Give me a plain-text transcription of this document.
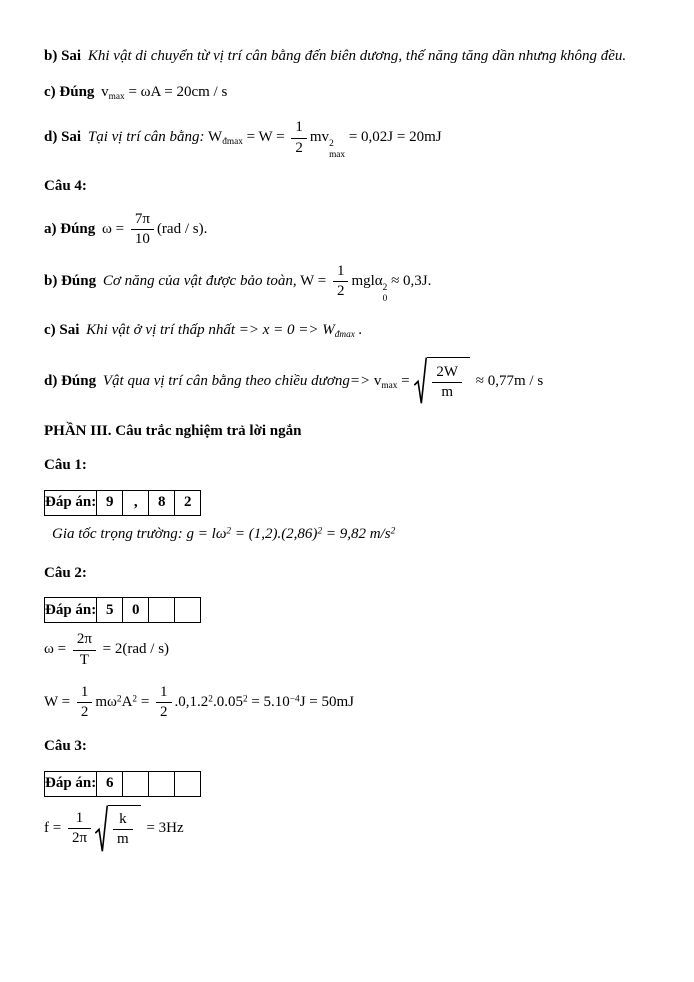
b) Sai Khi vật di chuyển từ vị trí cân bằng đến biên dương, thế năng tăng dần nhưng không đều.

c) Đúng $v_{max} = \omega A = 20cm / s$

d) Sai Tại vị trí cân bằng: $W_{đmax} = W = \frac{1}{2}$ mv 2
max
= 0,02J = 20mJ

Câu 4:

a) Đúng $\omega = \frac{7\pi}{10} (rad / s)$.

b) Đúng Cơ năng của vật được bảo toàn, $W = \frac{1}{2}$ mglα 2
0
≈ 0,3J.

c) Sai Khi vật ở vị trí thấp nhất => $x = 0 => W_{đmax}$ .

d) Đúng Vật qua vị trí cân bằng theo chiều dương=> $v_{max} = \frac{2W}{m} \approx 0,77m / s$

PHẦN III. Câu trắc nghiệm trả lời ngắn

Câu 1:

Đáp án:	9	,	8	2

Gia tốc trọng trường: $g = l\omega^2 = (1,2).(2,86)^2 = 9,82$ $m/s^2$

Câu 2:

Đáp án:	5	0		

$\omega = \frac{2\pi}{T} = 2(rad / s)$

$W = \frac{1}{2} m\omega^2A^2 = \frac{1}{2} .0,1.2^2.0.05^2 = 5.10^{-4}J = 50mJ$

Câu 3:

Đáp án:	6			

$f = \frac{1}{2\pi} \frac{k}{m} = 3Hz$
